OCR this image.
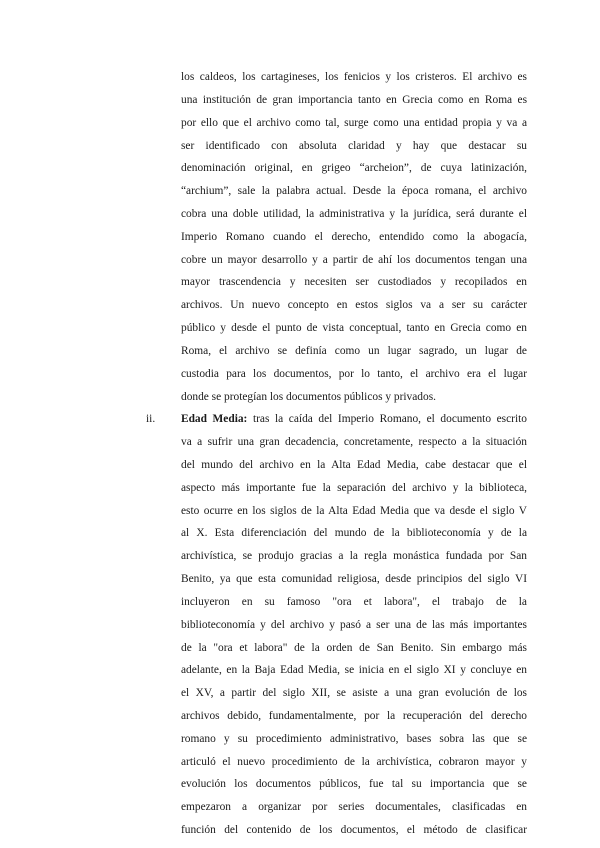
los caldeos, los cartagineses, los fenicios y los cristeros. El archivo es

una institución de gran importancia tanto en Grecia como en Roma es

por ello que el archivo como tal, surge como una entidad propia y va a

ser identificado con absoluta claridad y hay que destacar su

denominación original, en grigeo “archeion”, de cuya latinización,

“archium”, sale la palabra actual. Desde la época romana, el archivo

cobra una doble utilidad, la administrativa y la jurídica, será durante el

Imperio Romano cuando el derecho, entendido como la abogacía,

cobre un mayor desarrollo y a partir de ahí los documentos tengan una

mayor trascendencia y necesiten ser custodiados y recopilados en

archivos. Un nuevo concepto en estos siglos va a ser su carácter

público y desde el punto de vista conceptual, tanto en Grecia como en

Roma, el archivo se definía como un lugar sagrado, un lugar de

custodia para los documentos, por lo tanto, el archivo era el lugar

donde se protegían los documentos públicos y privados.

ii. Edad Media: tras la caída del Imperio Romano, el documento escrito

va a sufrir una gran decadencia, concretamente, respecto a la situación

del mundo del archivo en la Alta Edad Media, cabe destacar que el

aspecto más importante fue la separación del archivo y la biblioteca,

esto ocurre en los siglos de la Alta Edad Media que va desde el siglo V

al X. Esta diferenciación del mundo de la biblioteconomía y de la

archivística, se produjo gracias a la regla monástica fundada por San

Benito, ya que esta comunidad religiosa, desde principios del siglo VI

incluyeron en su famoso "ora et labora", el trabajo de la

biblioteconomía y del archivo y pasó a ser una de las más importantes

de la "ora et labora" de la orden de San Benito. Sin embargo más

adelante, en la Baja Edad Media, se inicia en el siglo XI y concluye en

el XV, a partir del siglo XII, se asiste a una gran evolución de los

archivos debido, fundamentalmente, por la recuperación del derecho

romano y su procedimiento administrativo, bases sobra las que se

articuló el nuevo procedimiento de la archivística, cobraron mayor y

evolución los documentos públicos, fue tal su importancia que se

empezaron a organizar por series documentales, clasificadas en

función del contenido de los documentos, el método de clasificar
